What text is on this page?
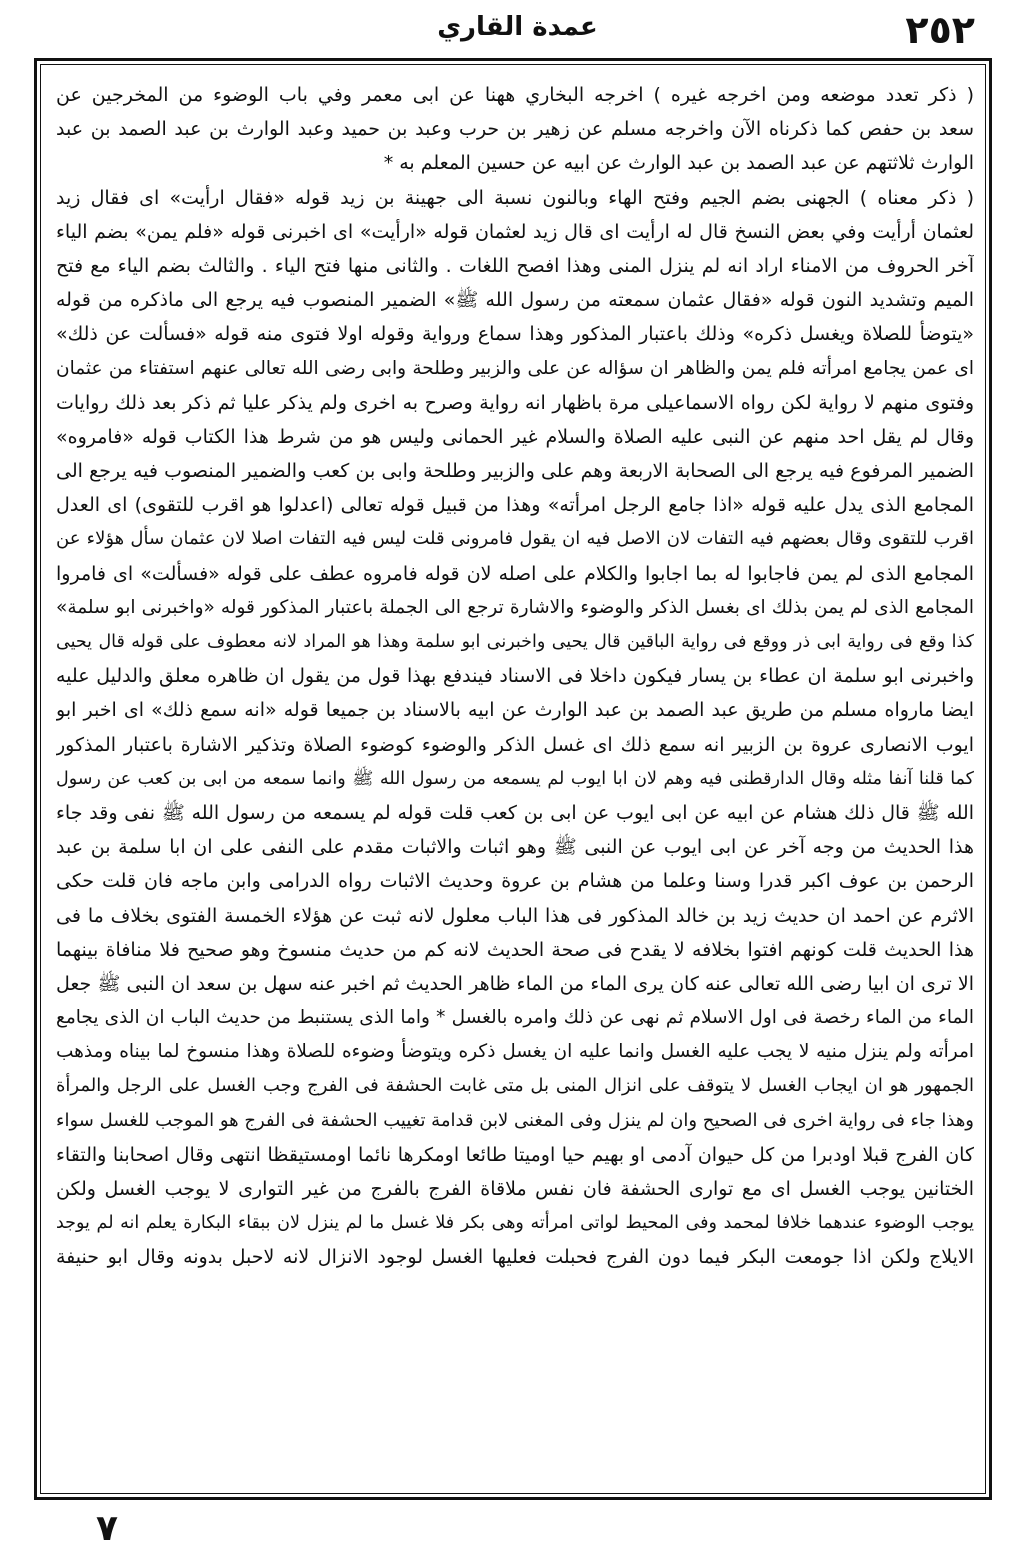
٢٥٢
عمدة القاري
( ذكر تعدد موضعه ومن اخرجه غيره ) اخرجه البخاري ههنا عن ابى معمر وفي باب الوضوء من المخرجين عن
سعد بن حفص كما ذكرناه الآن واخرجه مسلم عن زهير بن حرب وعبد بن حميد وعبد الوارث بن عبد الصمد بن عبد
الوارث ثلاثتهم عن عبد الصمد بن عبد الوارث عن ابيه عن حسين المعلم به *
( ذكر معناه ) الجهنى بضم الجيم وفتح الهاء وبالنون نسبة الى جهينة بن زيد قوله «فقال ارأيت» اى فقال زيد
لعثمان أرأيت وفي بعض النسخ قال له ارأيت اى قال زيد لعثمان قوله «ارأيت» اى اخبرنى قوله «فلم يمن» بضم الياء
آخر الحروف من الامناء اراد انه لم ينزل المنى وهذا افصح اللغات . والثانى منها فتح الياء . والثالث بضم الياء مع فتح
الميم وتشديد النون قوله «فقال عثمان سمعته من رسول الله ﷺ» الضمير المنصوب فيه يرجع الى ماذكره من قوله
«يتوضأ للصلاة ويغسل ذكره» وذلك باعتبار المذكور وهذا سماع ورواية وقوله اولا فتوى منه قوله «فسألت عن ذلك»
اى عمن يجامع امرأته فلم يمن والظاهر ان سؤاله عن على والزبير وطلحة وابى رضى الله تعالى عنهم استفتاء من عثمان
وفتوى منهم لا رواية لكن رواه الاسماعيلى مرة باظهار انه رواية وصرح به اخرى ولم يذكر عليا ثم ذكر بعد ذلك روايات
وقال لم يقل احد منهم عن النبى عليه الصلاة والسلام غير الحمانى وليس هو من شرط هذا الكتاب قوله «فامروه»
الضمير المرفوع فيه يرجع الى الصحابة الاربعة وهم على والزبير وطلحة وابى بن كعب والضمير المنصوب فيه يرجع الى
المجامع الذى يدل عليه قوله «اذا جامع الرجل امرأته» وهذا من قبيل قوله تعالى (اعدلوا هو اقرب للتقوى) اى العدل
اقرب للتقوى وقال بعضهم فيه التفات لان الاصل فيه ان يقول فامرونى قلت ليس فيه التفات اصلا لان عثمان سأل هؤلاء عن
المجامع الذى لم يمن فاجابوا له بما اجابوا والكلام على اصله لان قوله فامروه عطف على قوله «فسألت» اى فامروا
المجامع الذى لم يمن بذلك اى بغسل الذكر والوضوء والاشارة ترجع الى الجملة باعتبار المذكور قوله «واخبرنى ابو سلمة»
كذا وقع فى رواية ابى ذر ووقع فى رواية الباقين قال يحيى واخبرنى ابو سلمة وهذا هو المراد لانه معطوف على قوله قال يحيى
واخبرنى ابو سلمة ان عطاء بن يسار فيكون داخلا فى الاسناد فيندفع بهذا قول من يقول ان ظاهره معلق والدليل عليه
ايضا مارواه مسلم من طريق عبد الصمد بن عبد الوارث عن ابيه بالاسناد بن جميعا قوله «انه سمع ذلك» اى اخبر ابو
ايوب الانصارى عروة بن الزبير انه سمع ذلك اى غسل الذكر والوضوء كوضوء الصلاة وتذكير الاشارة باعتبار المذكور
كما قلنا آنفا مثله وقال الدارقطنى فيه وهم لان ابا ايوب لم يسمعه من رسول الله ﷺ وانما سمعه من ابى بن كعب عن رسول
الله ﷺ قال ذلك هشام عن ابيه عن ابى ايوب عن ابى بن كعب قلت قوله لم يسمعه من رسول الله ﷺ نفى وقد جاء
هذا الحديث من وجه آخر عن ابى ايوب عن النبى ﷺ وهو اثبات والاثبات مقدم على النفى على ان ابا سلمة بن عبد
الرحمن بن عوف اكبر قدرا وسنا وعلما من هشام بن عروة وحديث الاثبات رواه الدرامى وابن ماجه فان قلت حكى
الاثرم عن احمد ان حديث زيد بن خالد المذكور فى هذا الباب معلول لانه ثبت عن هؤلاء الخمسة الفتوى بخلاف ما فى
هذا الحديث قلت كونهم افتوا بخلافه لا يقدح فى صحة الحديث لانه كم من حديث منسوخ وهو صحيح فلا منافاة بينهما
الا ترى ان ابيا رضى الله تعالى عنه كان يرى الماء من الماء ظاهر الحديث ثم اخبر عنه سهل بن سعد ان النبى ﷺ جعل
الماء من الماء رخصة فى اول الاسلام ثم نهى عن ذلك وامره بالغسل * واما الذى يستنبط من حديث الباب ان الذى يجامع
امرأته ولم ينزل منيه لا يجب عليه الغسل وانما عليه ان يغسل ذكره ويتوضأ وضوءه للصلاة وهذا منسوخ لما بيناه ومذهب
الجمهور هو ان ايجاب الغسل لا يتوقف على انزال المنى بل متى غابت الحشفة فى الفرج وجب الغسل على الرجل والمرأة
وهذا جاء فى رواية اخرى فى الصحيح وان لم ينزل وفى المغنى لابن قدامة تغييب الحشفة فى الفرج هو الموجب للغسل سواء
كان الفرج قبلا اودبرا من كل حيوان آدمى او بهيم حيا اوميتا طائعا اومكرها نائما اومستيقظا انتهى وقال اصحابنا والتقاء
الختانين يوجب الغسل اى مع توارى الحشفة فان نفس ملاقاة الفرج بالفرج من غير التوارى لا يوجب الغسل ولكن
يوجب الوضوء عندهما خلافا لمحمد وفى المحيط لواتى امرأته وهى بكر فلا غسل ما لم ينزل لان ببقاء البكارة يعلم انه لم يوجد
الايلاج ولكن اذا جومعت البكر فيما دون الفرج فحبلت فعليها الغسل لوجود الانزال لانه لاحبل بدونه وقال ابو حنيفة
٧
